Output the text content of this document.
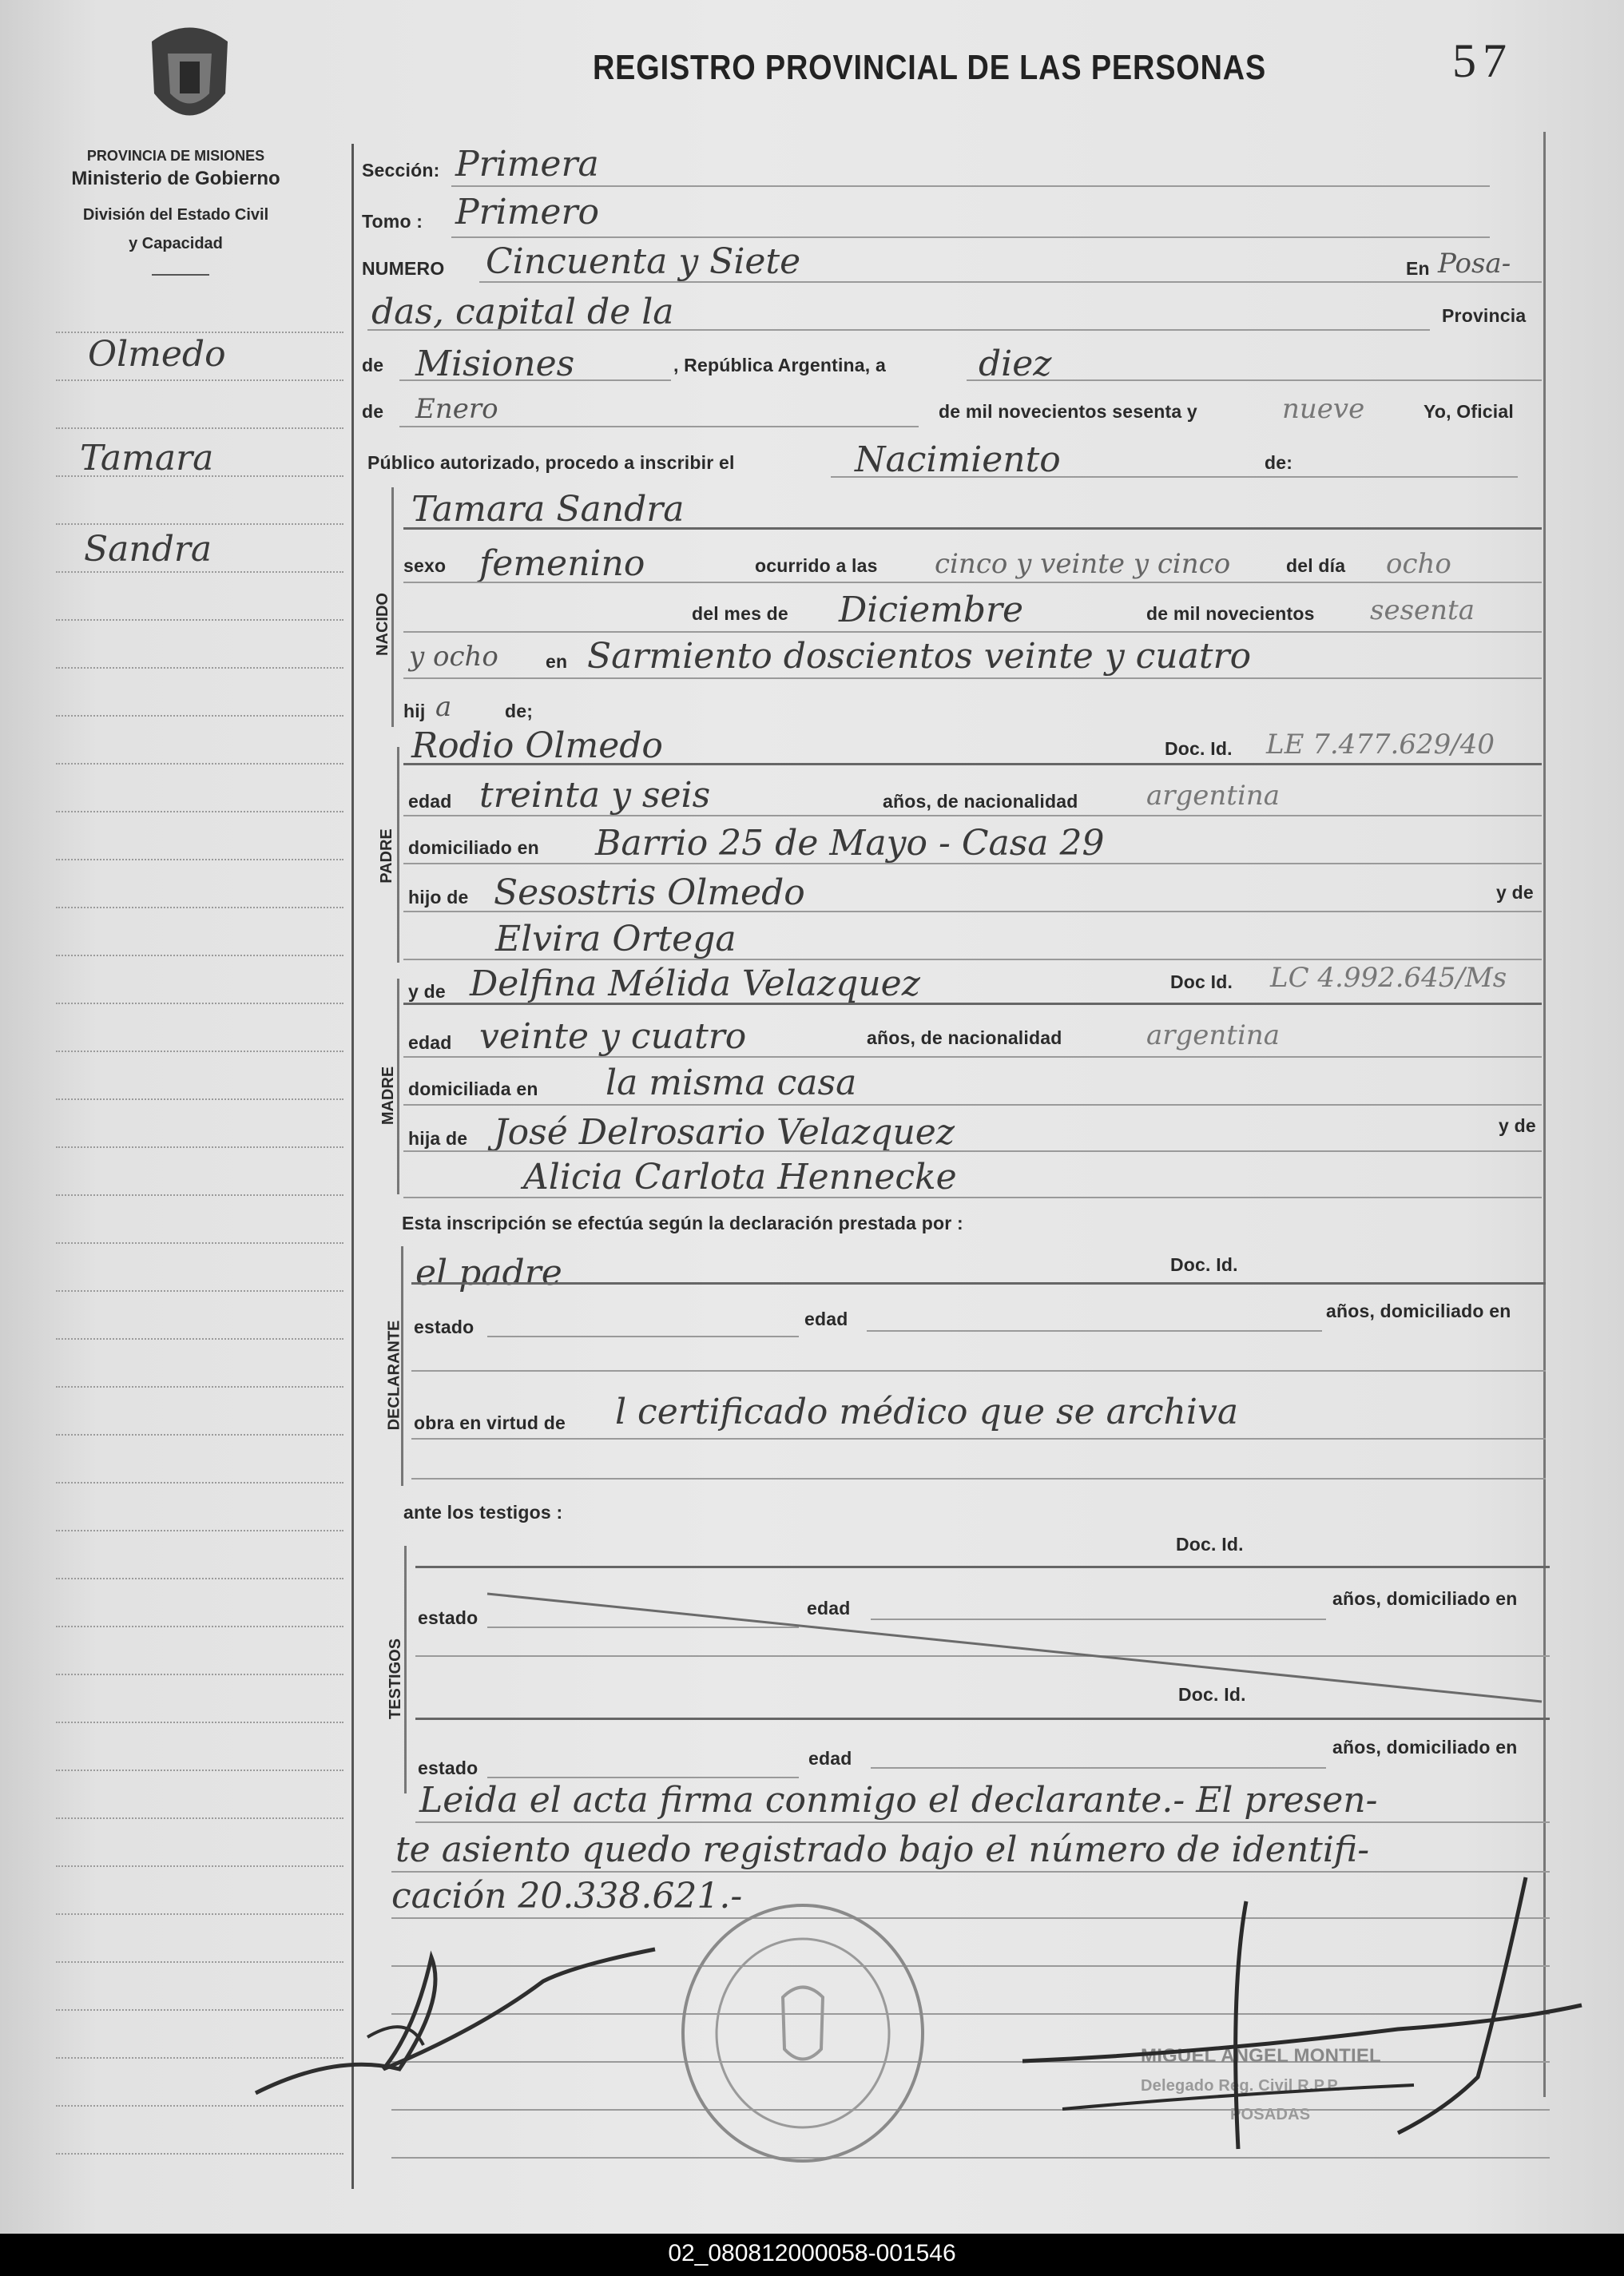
PROVINCIA DE MISIONES
Ministerio de Gobierno
División del Estado Civil
y Capacidad
REGISTRO PROVINCIAL DE LAS PERSONAS	57
Olmedo
Tamara
Sandra
Sección: Primera
Tomo : Primero
NUMERO Cincuenta y Siete	En Posa-
das, capital de la	Provincia
de Misiones	, República Argentina, a	diez
de Enero	de mil novecientos sesenta y	nueve	Yo, Oficial
Público autorizado, procedo a inscribir el	Nacimiento	de:
NACIDO
Tamara Sandra
sexo femenino	ocurrido a las cinco y veinte y cinco	del día ocho
del mes de Diciembre	de mil novecientos sesenta
y ocho	en Sarmiento doscientos veinte y cuatro
hij a	de;
PADRE
Rodio Olmedo	Doc. Id. LE 7.477.629/40
edad treinta y seis	años, de nacionalidad	argentina
domiciliado en Barrio 25 de Mayo - Casa 29
hijo de Sesostris Olmedo	y de
Elvira Ortega
MADRE
y de Delfina Mélida Velazquez	Doc Id. LC 4.992.645/Ms
edad veinte y cuatro	años, de nacionalidad	argentina
domiciliada en la misma casa
hija de José Delrosario Velazquez	y de
Alicia Carlota Hennecke
Esta inscripción se efectúa según la declaración prestada por :
DECLARANTE
el padre	Doc. Id.
estado	edad	años, domiciliado en
obra en virtud de l certificado médico que se archiva
ante los testigos :
TESTIGOS
Doc. Id.
estado	edad	años, domiciliado en
Doc. Id.
estado	edad
años, domiciliado en
Leida el acta firma conmigo el declarante.- El presen-
te asiento quedo registrado bajo el número de identifi-
cación 20.338.621.-
MIGUEL ANGEL MONTIEL
Delegado Reg. Civil R.P.P.
POSADAS
02_080812000058-001546
